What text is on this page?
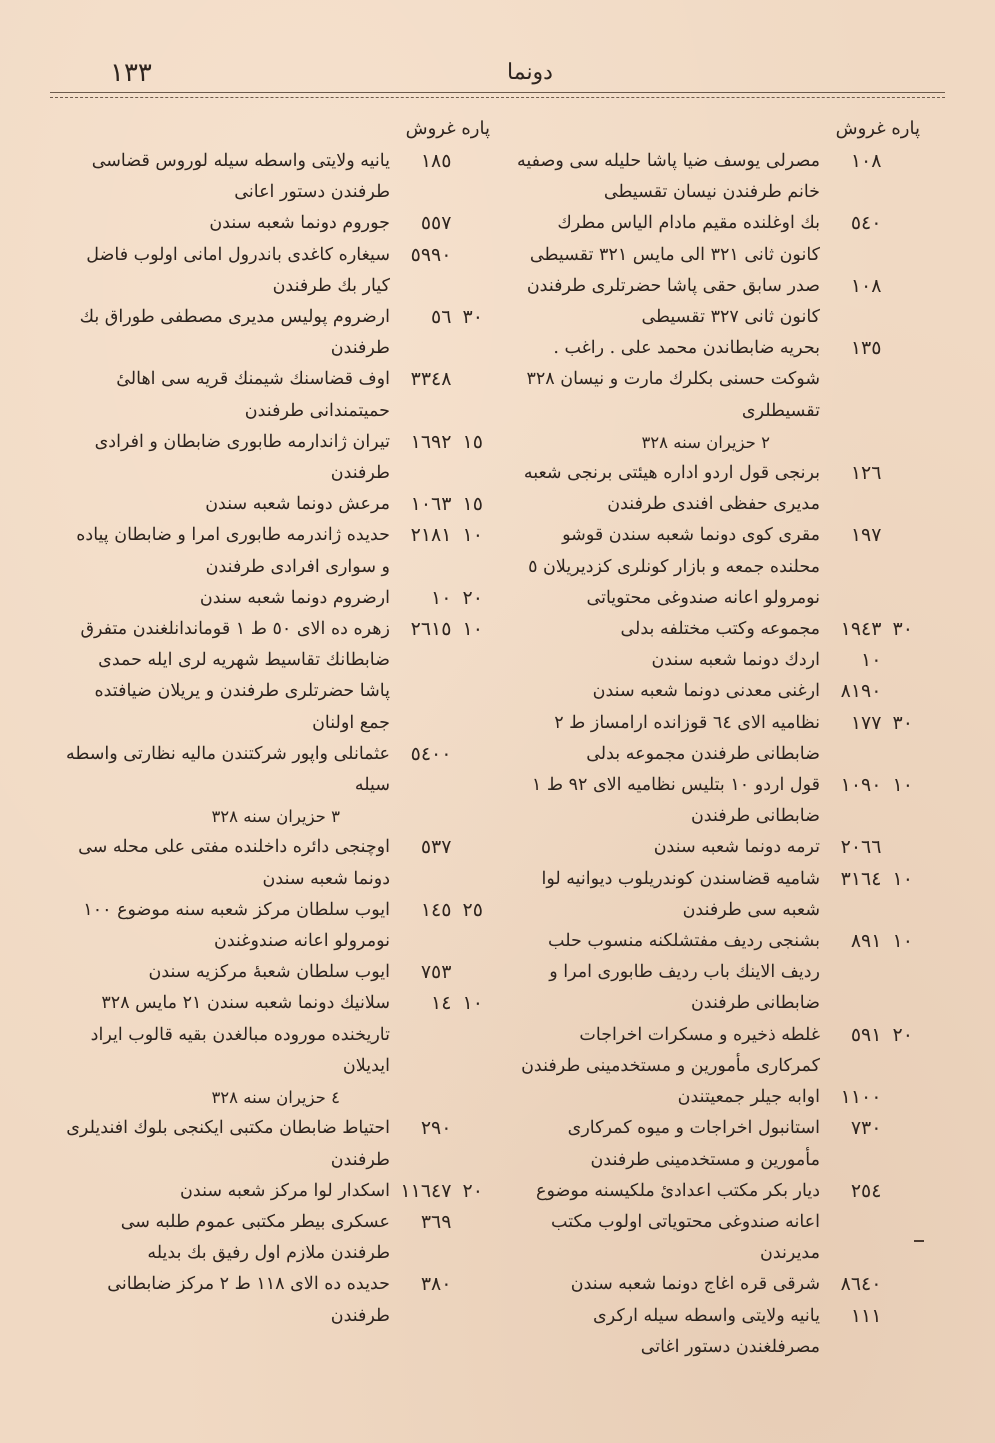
۱۳۳	دونما
پاره غروش
۱۰۸
مصرلی یوسف ضیا پاشا حلیله سی وصفیه خانم طرفندن نیسان تقسیطی
٥٤۰
بك اوغلنده مقیم مادام الیاس مطرك کانون ثانی ۳۲۱ الی مایس ۳۲۱ تقسیطی
۱۰۸
صدر سابق حقی پاشا حضرتلری طرفندن کانون ثانی ۳۲۷ تقسیطی
۱۳٥
بحریه ضابطاندن محمد علی . راغب . شوکت حسنی بکلرك مارت و نیسان ۳۲۸ تقسیطلری
۲ حزیران سنه ۳۲۸
۱۲٦
برنجی قول اردو اداره هیئتی برنجی شعبه مدیری حفظی افندی طرفندن
۱۹۷
مقری کوی دونما شعبه سندن قوشو محلنده جمعه و بازار کونلری کزدیریلان ٥ نومرولو اعانه صندوغی محتویاتی
۳۰
۱۹٤۳
مجموعه وکتب مختلفه بدلی
۱۰
اردك دونما شعبه سندن
۸۱۹۰
ارغنی معدنی دونما شعبه سندن
۳۰
۱۷۷
نظامیه الای ٦٤ قوزانده ارامساز ط ۲ ضابطانی طرفندن مجموعه بدلی
۱۰
۱۰۹۰
قول اردو ۱۰ بتلیس نظامیه الای ۹۲ ط ۱ ضابطانی طرفندن
۲۰٦٦
ترمه دونما شعبه سندن
۱۰
۳۱٦٤
شامیه قضاسندن کوندریلوب دیوانیه لوا شعبه سی طرفندن
۱۰
۸۹۱
بشنجی ردیف مفتشلکنه منسوب حلب ردیف الاینك باب ردیف طابوری امرا و ضابطانی طرفندن
۲۰
٥۹۱
غلطه ذخیره و مسکرات اخراجات کمرکاری مأمورین و مستخدمینی طرفندن
۱۱۰۰
اوابه جیلر جمعیتندن
۷۳۰
استانبول اخراجات و میوه کمرکاری مأمورین و مستخدمینی طرفندن
۲٥٤
دیار بکر مکتب اعدادیٔ ملکیسنه موضوع اعانه صندوغی محتویاتی اولوب مکتب مدیرندن
۸٦٤۰
شرقی قره اغاج دونما شعبه سندن
۱۱۱
یانیه ولایتی واسطه سیله ارکری مصرفلغندن دستور اغاتی
پاره غروش
۱۸٥
یانیه ولایتی واسطه سیله لوروس قضاسی طرفندن دستور اعانی
٥٥۷
جوروم دونما شعبه سندن
٥۹۹۰
سیغاره کاغدی باندرول امانی اولوب فاضل کیار بك طرفندن
۳۰
٥٦
ارضروم پولیس مدیری مصطفی طوراق بك طرفندن
۳۳٤۸
اوف قضاسنك شیمنك قریه سی اهالیٔ حمیتمندانی طرفندن
۱٥
۱٦۹۲
تیران ژاندارمه طابوری ضابطان و افرادی طرفندن
۱٥
۱۰٦۳
مرعش دونما شعبه سندن
۱۰
۲۱۸۱
حدیده ژاندرمه طابوری امرا و ضابطان پیاده و سواری افرادی طرفندن
۲۰
۱۰
ارضروم دونما شعبه سندن
۱۰
۲٦۱٥
زهره ده الای ٥۰ ط ۱ قوماندانلغندن متفرق ضابطانك تقاسیط شهریه لری ایله حمدی پاشا حضرتلری طرفندن و یریلان ضیافتده جمع اولنان
٥٤۰۰
عثمانلی واپور شرکتندن مالیه نظارتی واسطه سیله
۳ حزیران سنه ۳۲۸
٥۳۷
اوچنجی دائره داخلنده مفتی علی محله سی دونما شعبه سندن
۲٥
۱٤٥
ایوب سلطان مرکز شعبه سنه موضوع ۱۰۰ نومرولو اعانه صندوغندن
۷٥۳
ایوب سلطان شعبهٔ مرکزیه سندن
۱۰
۱٤
سلانیك دونما شعبه سندن ۲۱ مایس ۳۲۸ تاریخنده موروده مبالغدن بقیه قالوب ایراد ایدیلان
٤ حزیران سنه ۳۲۸
۲۹۰
احتیاط ضابطان مکتبی ایکنجی بلوك افندیلری طرفندن
۲۰
۱۱٦٤۷
اسکدار لوا مرکز شعبه سندن
۳٦۹
عسکری بیطر مکتبی عموم طلبه سی طرفندن ملازم اول رفیق بك بدیله
۳۸۰
حدیده ده الای ۱۱۸ ط ۲ مرکز ضابطانی طرفندن
